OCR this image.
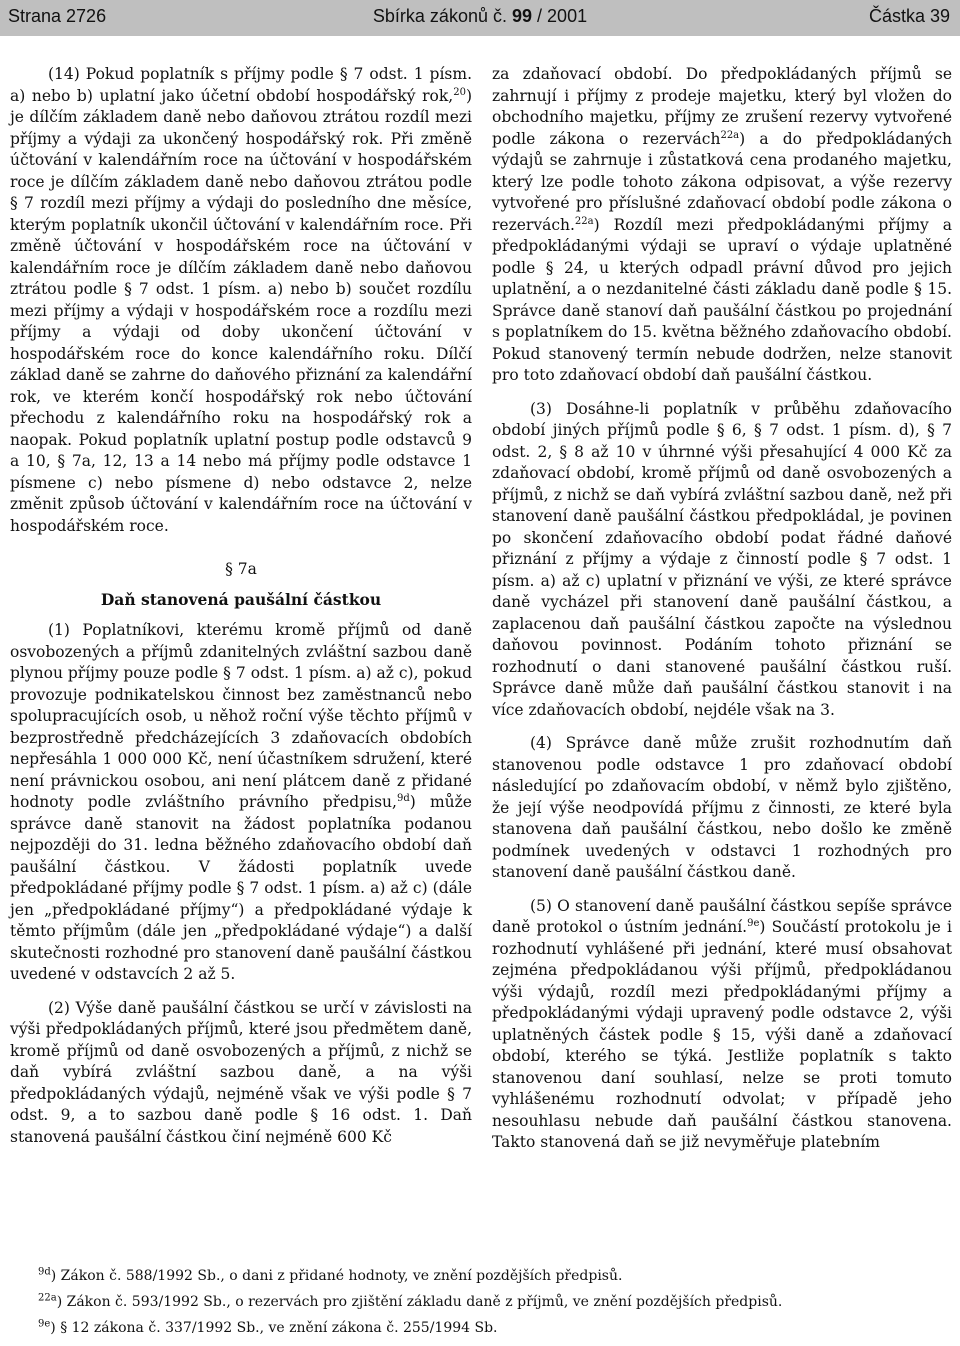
Strana 2726	Sbírka zákonů č. 99 / 2001	Částka 39

(14) Pokud poplatník s příjmy podle § 7 odst. 1 písm. a) nebo b) uplatní jako účetní období hospodářský rok,$^{20}$) je dílčím základem daně nebo daňovou ztrátou rozdíl mezi příjmy a výdaji za ukončený hospodářský rok. Při změně účtování v kalendářním roce na účtování v hospodářském roce je dílčím základem daně nebo daňovou ztrátou podle § 7 rozdíl mezi příjmy a výdaji do posledního dne měsíce, kterým poplatník ukončil účtování v kalendářním roce. Při změně účtování v hospodářském roce na účtování v kalendářním roce je dílčím základem daně nebo daňovou ztrátou podle § 7 odst. 1 písm. a) nebo b) součet rozdílu mezi příjmy a výdaji v hospodářském roce a rozdílu mezi příjmy a výdaji od doby ukončení účtování v hospodářském roce do konce kalendářního roku. Dílčí základ daně se zahrne do daňového přiznání za kalendářní rok, ve kterém končí hospodářský rok nebo účtování přechodu z kalendářního roku na hospodářský rok a naopak. Pokud poplatník uplatní postup podle odstavců 9 a 10, § 7a, 12, 13 a 14 nebo má příjmy podle odstavce 1 písmene c) nebo písmene d) nebo odstavce 2, nelze změnit způsob účtování v kalendářním roce na účtování v hospodářském roce.

§ 7a
Daň stanovená paušální částkou

(1) Poplatníkovi, kterému kromě příjmů od daně osvobozených a příjmů zdanitelných zvláštní sazbou daně plynou příjmy pouze podle § 7 odst. 1 písm. a) až c), pokud provozuje podnikatelskou činnost bez zaměstnanců nebo spolupracujících osob, u něhož roční výše těchto příjmů v bezprostředně předcházejících 3 zdaňovacích obdobích nepřesáhla 1 000 000 Kč, není účastníkem sdružení, které není právnickou osobou, ani není plátcem daně z přidané hodnoty podle zvláštního právního předpisu,$^{9d}$) může správce daně stanovit na žádost poplatníka podanou nejpozději do 31. ledna běžného zdaňovacího období daň paušální částkou. V žádosti poplatník uvede předpokládané příjmy podle § 7 odst. 1 písm. a) až c) (dále jen „předpokládané příjmy“) a předpokládané výdaje k těmto příjmům (dále jen „předpokládané výdaje“) a další skutečnosti rozhodné pro stanovení daně paušální částkou uvedené v odstavcích 2 až 5.

(2) Výše daně paušální částkou se určí v závislosti na výši předpokládaných příjmů, které jsou předmětem daně, kromě příjmů od daně osvobozených a příjmů, z nichž se daň vybírá zvláštní sazbou daně, a na výši předpokládaných výdajů, nejméně však ve výši podle § 7 odst. 9, a to sazbou daně podle § 16 odst. 1. Daň stanovená paušální částkou činí nejméně 600 Kč

za zdaňovací období. Do předpokládaných příjmů se zahrnují i příjmy z prodeje majetku, který byl vložen do obchodního majetku, příjmy ze zrušení rezervy vytvořené podle zákona o rezervách$^{22a}$) a do předpokládaných výdajů se zahrnuje i zůstatková cena prodaného majetku, který lze podle tohoto zákona odpisovat, a výše rezervy vytvořené pro příslušné zdaňovací období podle zákona o rezervách.$^{22a}$) Rozdíl mezi předpokládanými příjmy a předpokládanými výdaji se upraví o výdaje uplatněné podle § 24, u kterých odpadl právní důvod pro jejich uplatnění, a o nezdanitelné části základu daně podle § 15. Správce daně stanoví daň paušální částkou po projednání s poplatníkem do 15. května běžného zdaňovacího období. Pokud stanovený termín nebude dodržen, nelze stanovit pro toto zdaňovací období daň paušální částkou.

(3) Dosáhne-li poplatník v průběhu zdaňovacího období jiných příjmů podle § 6, § 7 odst. 1 písm. d), § 7 odst. 2, § 8 až 10 v úhrnné výši přesahující 4 000 Kč za zdaňovací období, kromě příjmů od daně osvobozených a příjmů, z nichž se daň vybírá zvláštní sazbou daně, než při stanovení daně paušální částkou předpokládal, je povinen po skončení zdaňovacího období podat řádné daňové přiznání z příjmy a výdaje z činností podle § 7 odst. 1 písm. a) až c) uplatní v přiznání ve výši, ze které správce daně vycházel při stanovení daně paušální částkou, a zaplacenou daň paušální částkou započte na výslednou daňovou povinnost. Podáním tohoto přiznání se rozhodnutí o dani stanovené paušální částkou ruší. Správce daně může daň paušální částkou stanovit i na více zdaňovacích období, nejdéle však na 3.

(4) Správce daně může zrušit rozhodnutím daň stanovenou podle odstavce 1 pro zdaňovací období následující po zdaňovacím období, v němž bylo zjištěno, že její výše neodpovídá příjmu z činnosti, ze které byla stanovena daň paušální částkou, nebo došlo ke změně podmínek uvedených v odstavci 1 rozhodných pro stanovení daně paušální částkou daně.

(5) O stanovení daně paušální částkou sepíše správce daně protokol o ústním jednání.$^{9e}$) Součástí protokolu je i rozhodnutí vyhlášené při jednání, které musí obsahovat zejména předpokládanou výši příjmů, předpokládanou výši výdajů, rozdíl mezi předpokládanými příjmy a předpokládanými výdaji upravený podle odstavce 2, výši uplatněných částek podle § 15, výši daně a zdaňovací období, kterého se týká. Jestliže poplatník s takto stanovenou daní souhlasí, nelze se proti tomuto vyhlášenému rozhodnutí odvolat; v případě jeho nesouhlasu nebude daň paušální částkou stanovena. Takto stanovená daň se již nevyměřuje platebním

$^{9d}$) Zákon č. 588/1992 Sb., o dani z přidané hodnoty, ve znění pozdějších předpisů.
$^{22a}$) Zákon č. 593/1992 Sb., o rezervách pro zjištění základu daně z příjmů, ve znění pozdějších předpisů.
$^{9e}$) § 12 zákona č. 337/1992 Sb., ve znění zákona č. 255/1994 Sb.
